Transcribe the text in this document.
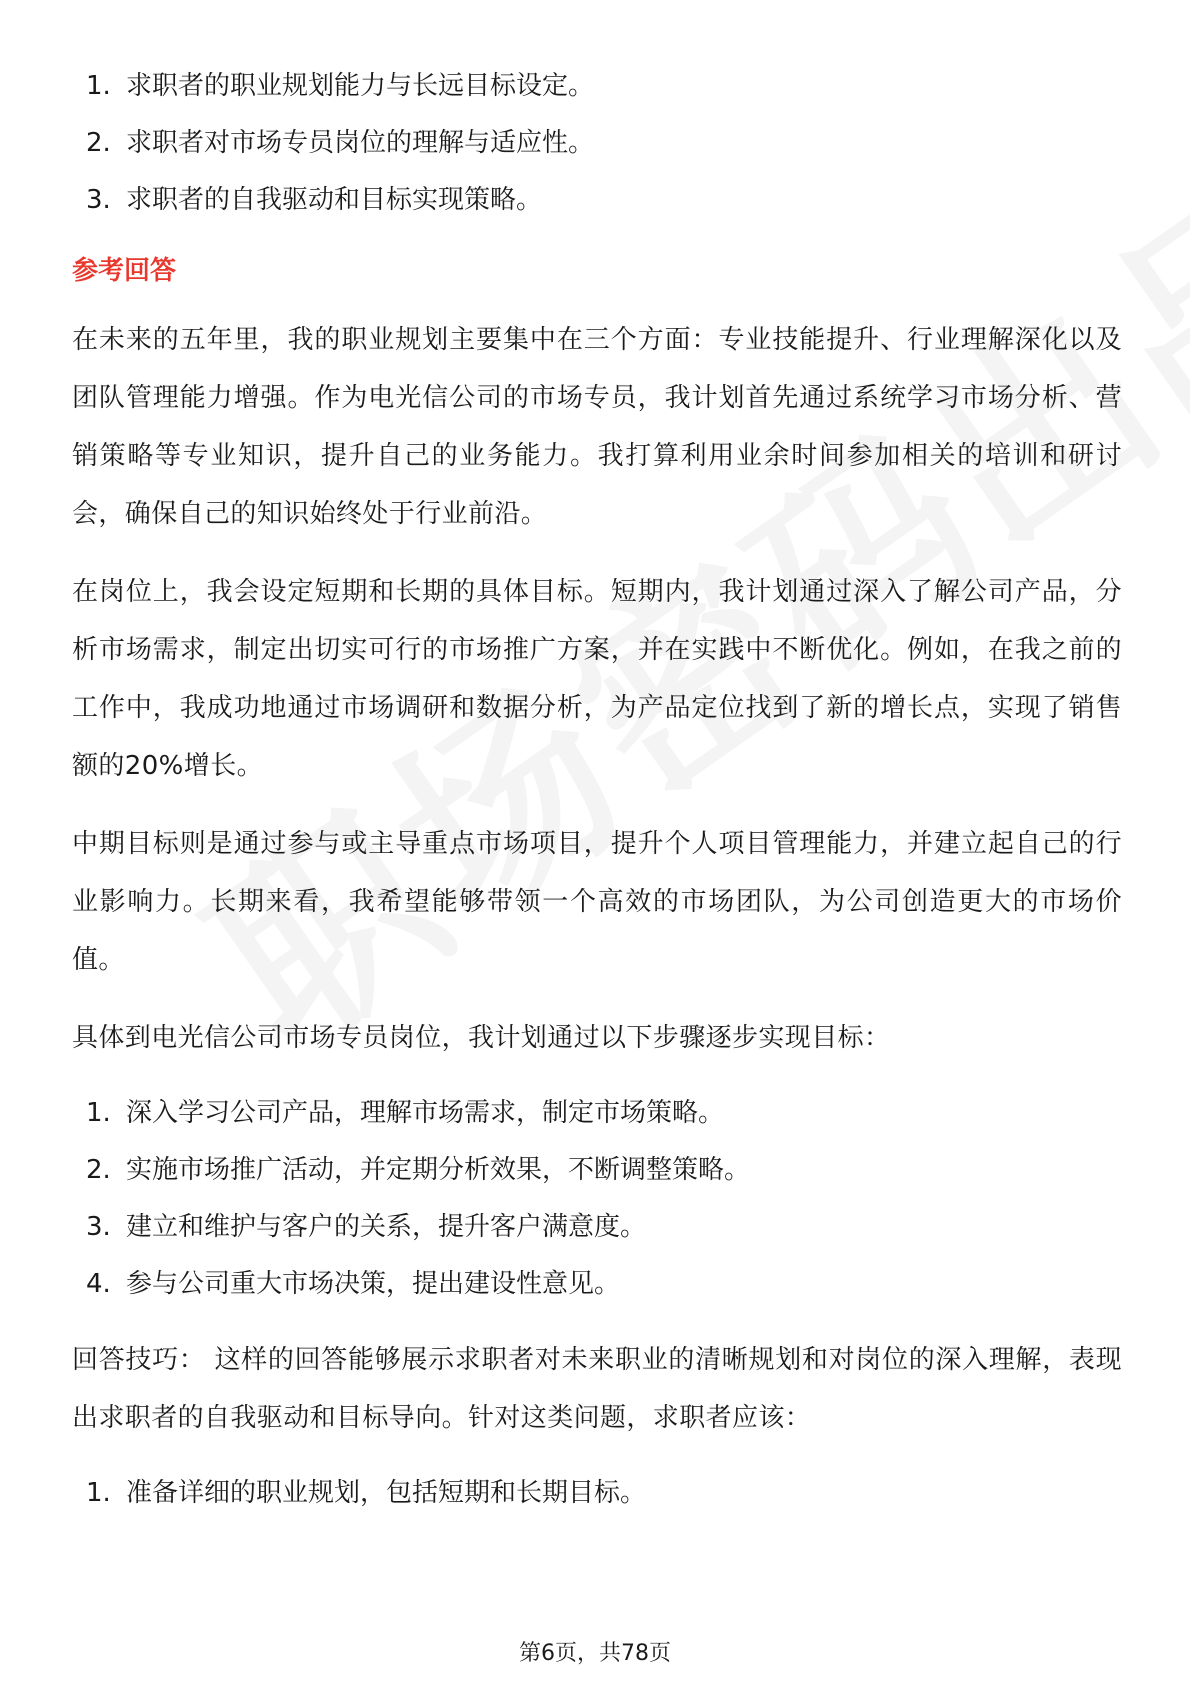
1. 求职者的职业规划能力与长远目标设定。
2. 求职者对市场专员岗位的理解与适应性。
3. 求职者的自我驱动和目标实现策略。
参考回答

在未来的五年里，我的职业规划主要集中在三个方面：专业技能提升、行业理解深化以及团队管理能力增强。作为电光信公司的市场专员，我计划首先通过系统学习市场分析、营销策略等专业知识，提升自己的业务能力。我打算利用业余时间参加相关的培训和研讨会，确保自己的知识始终处于行业前沿。

在岗位上，我会设定短期和长期的具体目标。短期内，我计划通过深入了解公司产品，分析市场需求，制定出切实可行的市场推广方案，并在实践中不断优化。例如，在我之前的工作中，我成功地通过市场调研和数据分析，为产品定位找到了新的增长点，实现了销售额的20%增长。

中期目标则是通过参与或主导重点市场项目，提升个人项目管理能力，并建立起自己的行业影响力。长期来看，我希望能够带领一个高效的市场团队，为公司创造更大的市场价值。

具体到电光信公司市场专员岗位，我计划通过以下步骤逐步实现目标：

1. 深入学习公司产品，理解市场需求，制定市场策略。
2. 实施市场推广活动，并定期分析效果，不断调整策略。
3. 建立和维护与客户的关系，提升客户满意度。
4. 参与公司重大市场决策，提出建设性意见。

回答技巧： 这样的回答能够展示求职者对未来职业的清晰规划和对岗位的深入理解，表现出求职者的自我驱动和目标导向。针对这类问题，求职者应该：

1. 准备详细的职业规划，包括短期和长期目标。
第6页，共78页
